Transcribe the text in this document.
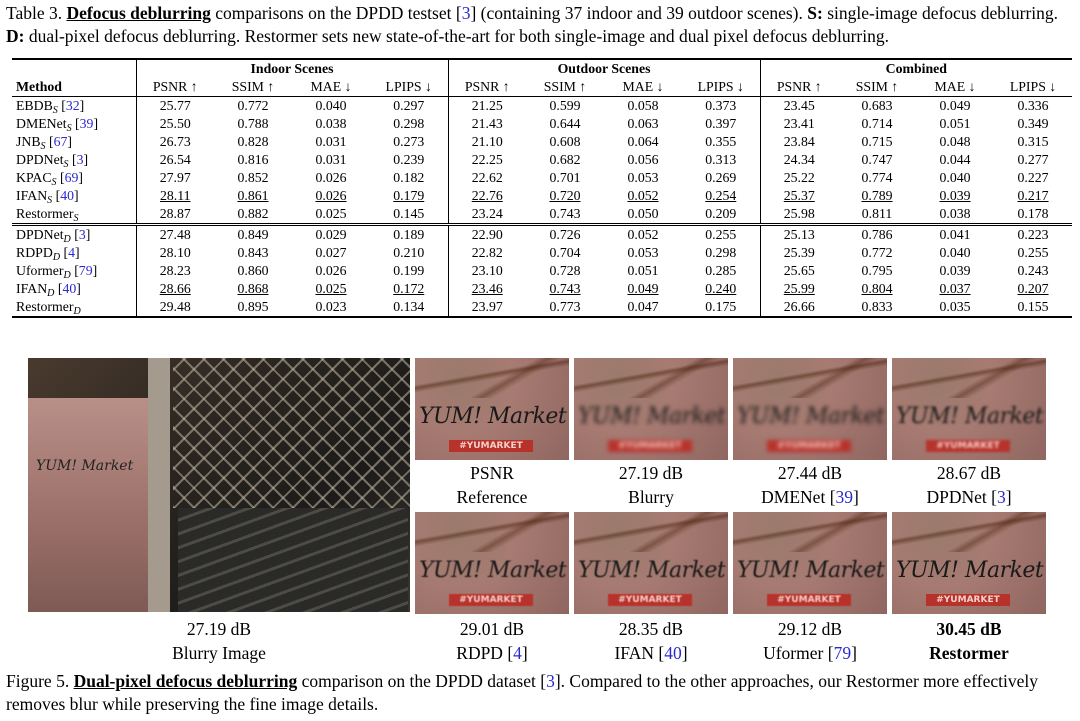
Table 3. Defocus deblurring comparisons on the DPDD testset [3] (containing 37 indoor and 39 outdoor scenes). S: single-image defocus deblurring. D: dual-pixel defocus deblurring. Restormer sets new state-of-the-art for both single-image and dual pixel defocus deblurring.
	Indoor Scenes				Outdoor Scenes				Combined			
Method	PSNR ↑	SSIM ↑	MAE ↓	LPIPS ↓	PSNR ↑	SSIM ↑	MAE ↓	LPIPS ↓	PSNR ↑	SSIM ↑	MAE ↓	LPIPS ↓
$EBDB_S$ [32]	25.77	0.772	0.040	0.297	21.25	0.599	0.058	0.373	23.45	0.683	0.049	0.336
DMENet$_S$ [39]	25.50	0.788	0.038	0.298	21.43	0.644	0.063	0.397	23.41	0.714	0.051	0.349
$JNB_S$ [67]	26.73	0.828	0.031	0.273	21.10	0.608	0.064	0.355	23.84	0.715	0.048	0.315
DPDNet$_S$ [3]	26.54	0.816	0.031	0.239	22.25	0.682	0.056	0.313	24.34	0.747	0.044	0.277
$KPAC_S$ [69]	27.97	0.852	0.026	0.182	22.62	0.701	0.053	0.269	25.22	0.774	0.040	0.227
$IFAN_S$ [40]	28.11	0.861	0.026	0.179	22.76	0.720	0.052	0.254	25.37	0.789	0.039	0.217
Restormer$_S$	28.87	0.882	0.025	0.145	23.24	0.743	0.050	0.209	25.98	0.811	0.038	0.178
DPDNet$_D$ [3]	27.48	0.849	0.029	0.189	22.90	0.726	0.052	0.255	25.13	0.786	0.041	0.223
$RDPD_D$ [4]	28.10	0.843	0.027	0.210	22.82	0.704	0.053	0.298	25.39	0.772	0.040	0.255
Uformer$_D$ [79]	28.23	0.860	0.026	0.199	23.10	0.728	0.051	0.285	25.65	0.795	0.039	0.243
$IFAN_D$ [40]	28.66	0.868	0.025	0.172	23.46	0.743	0.049	0.240	25.99	0.804	0.037	0.207
Restormer$_D$	29.48	0.895	0.023	0.134	23.97	0.773	0.047	0.175	26.66	0.833	0.035	0.155
YUM! Market
27.19 dB
Blurry Image
YUM! Market
#YUMARKET
PSNR
Reference
YUM! Market
#YUMARKET
27.19 dB
Blurry
YUM! Market
#YUMARKET
27.44 dB
DMENet [39]
YUM! Market
#YUMARKET
28.67 dB
DPDNet [3]
YUM! Market
#YUMARKET
29.01 dB
RDPD [4]
YUM! Market
#YUMARKET
28.35 dB
IFAN [40]
YUM! Market
#YUMARKET
29.12 dB
Uformer [79]
YUM! Market
#YUMARKET
30.45 dB
Restormer
Figure 5. Dual-pixel defocus deblurring comparison on the DPDD dataset [3]. Compared to the other approaches, our Restormer more effectively removes blur while preserving the fine image details.
